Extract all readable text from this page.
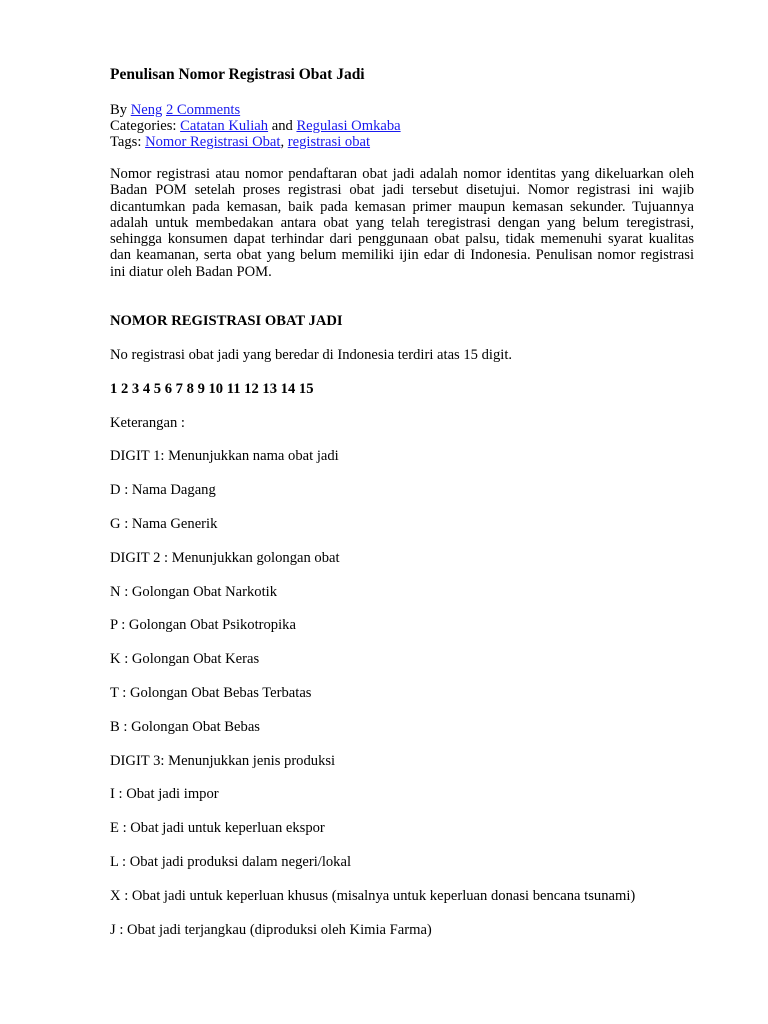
Penulisan Nomor Registrasi Obat Jadi
By Neng 2 Comments
Categories: Catatan Kuliah and Regulasi Omkaba
Tags: Nomor Registrasi Obat, registrasi obat

Nomor registrasi atau nomor pendaftaran obat jadi adalah nomor identitas yang dikeluarkan oleh Badan POM setelah proses registrasi obat jadi tersebut disetujui. Nomor registrasi ini wajib dicantumkan pada kemasan, baik pada kemasan primer maupun kemasan sekunder. Tujuannya adalah untuk membedakan antara obat yang telah teregistrasi dengan yang belum teregistrasi, sehingga konsumen dapat terhindar dari penggunaan obat palsu, tidak memenuhi syarat kualitas dan keamanan, serta obat yang belum memiliki ijin edar di Indonesia. Penulisan nomor registrasi ini diatur oleh Badan POM.

NOMOR REGISTRASI OBAT JADI
No registrasi obat jadi yang beredar di Indonesia terdiri atas 15 digit.
1 2 3 4 5 6 7 8 9 10 11 12 13 14 15
Keterangan :
DIGIT 1: Menunjukkan nama obat jadi
D : Nama Dagang
G : Nama Generik
DIGIT 2 : Menunjukkan golongan obat
N : Golongan Obat Narkotik
P : Golongan Obat Psikotropika
K : Golongan Obat Keras
T : Golongan Obat Bebas Terbatas
B : Golongan Obat Bebas
DIGIT 3: Menunjukkan jenis produksi
I : Obat jadi impor
E : Obat jadi untuk keperluan ekspor
L : Obat jadi produksi dalam negeri/lokal
X : Obat jadi untuk keperluan khusus (misalnya untuk keperluan donasi bencana tsunami)
J : Obat jadi terjangkau (diproduksi oleh Kimia Farma)
